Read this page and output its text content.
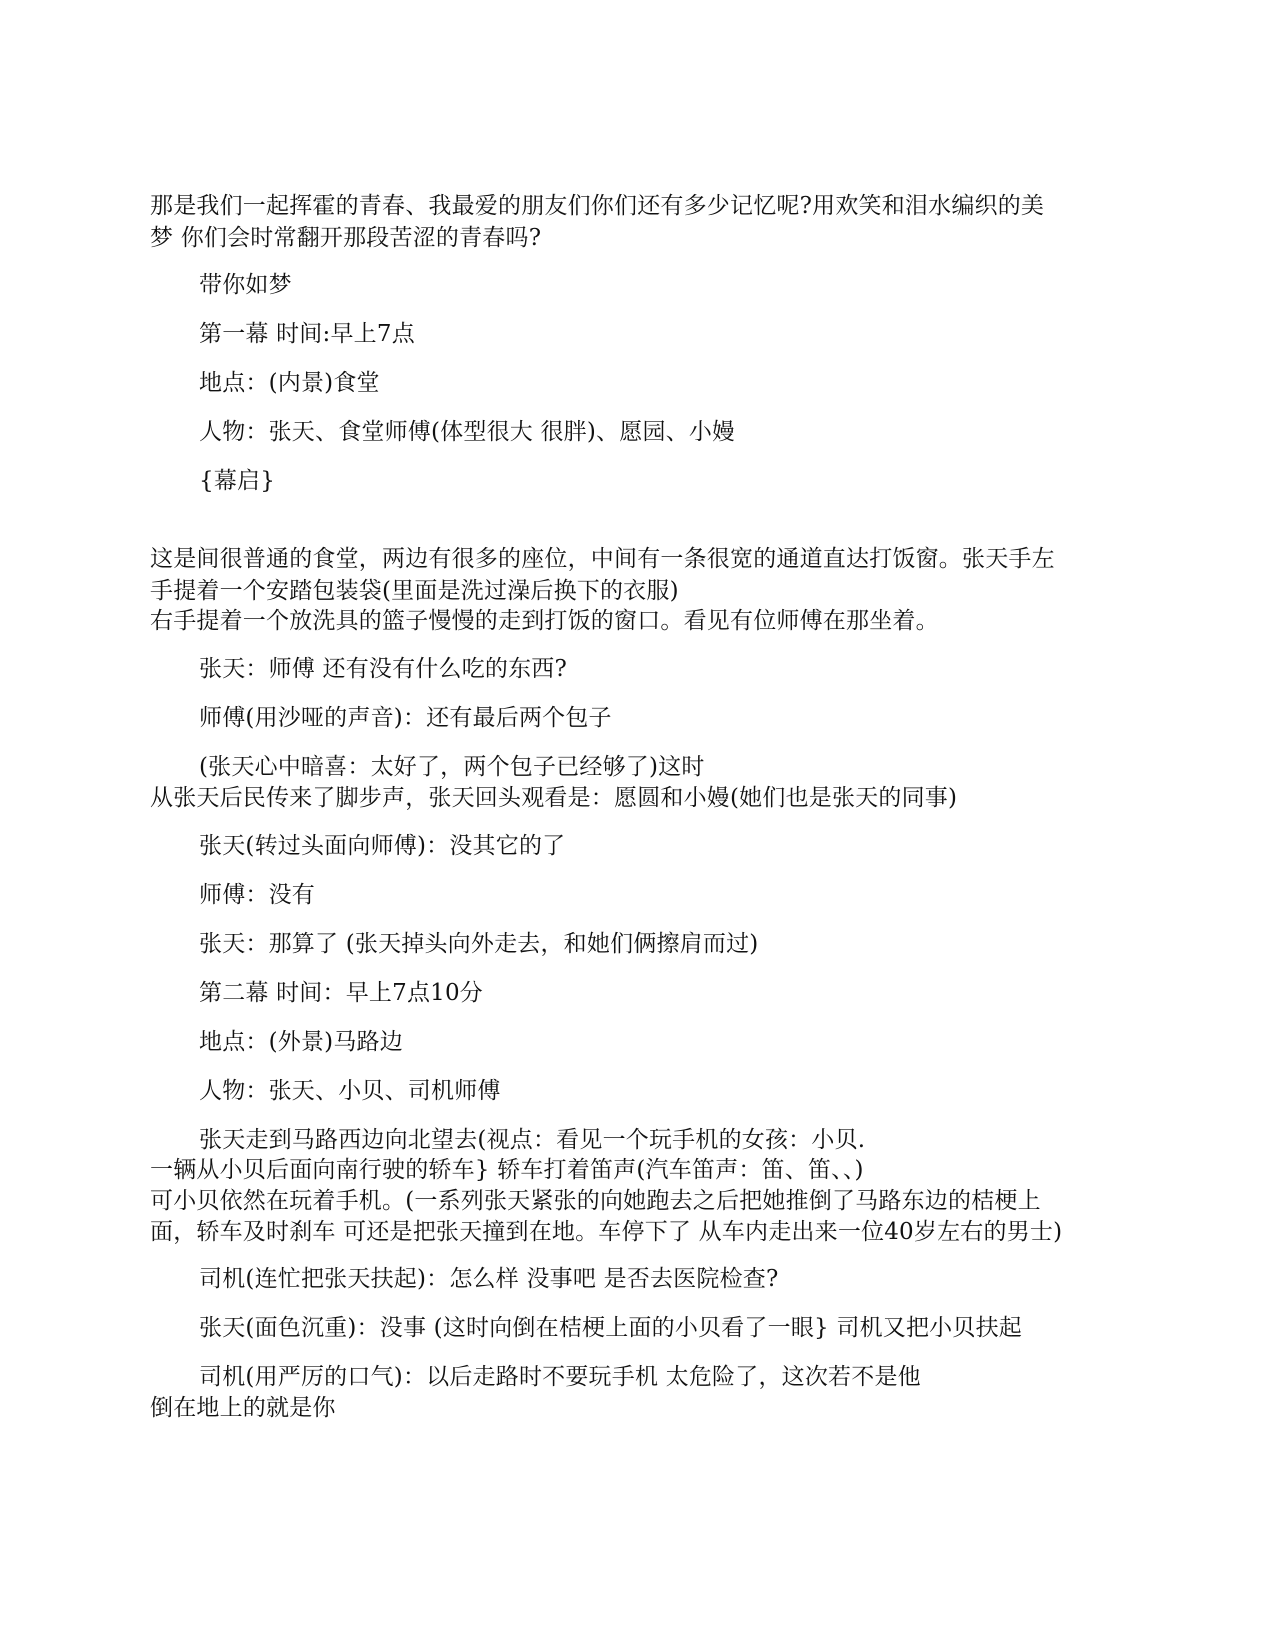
那是我们一起挥霍的青春、我最爱的朋友们你们还有多少记忆呢?用欢笑和泪水编织的美
梦 你们会时常翻开那段苦涩的青春吗?
带你如梦
第一幕 时间:早上7点
地点：(内景)食堂
人物：张天、食堂师傅(体型很大 很胖)、愿园、小嫚
{幕启}
这是间很普通的食堂，两边有很多的座位，中间有一条很宽的通道直达打饭窗。张天手左
手提着一个安踏包装袋(里面是洗过澡后换下的衣服)
右手提着一个放洗具的篮子慢慢的走到打饭的窗口。看见有位师傅在那坐着。
张天：师傅 还有没有什么吃的东西?
师傅(用沙哑的声音)：还有最后两个包子
(张天心中暗喜：太好了，两个包子已经够了)这时
从张天后民传来了脚步声，张天回头观看是：愿圆和小嫚(她们也是张天的同事)
张天(转过头面向师傅)：没其它的了
师傅：没有
张天：那算了 (张天掉头向外走去，和她们俩擦肩而过)
第二幕 时间：早上7点10分
地点：(外景)马路边
人物：张天、小贝、司机师傅
张天走到马路西边向北望去(视点：看见一个玩手机的女孩：小贝.
一辆从小贝后面向南行驶的轿车} 轿车打着笛声(汽车笛声：笛、笛、、)
可小贝依然在玩着手机。(一系列张天紧张的向她跑去之后把她推倒了马路东边的桔梗上
面，轿车及时刹车 可还是把张天撞到在地。车停下了 从车内走出来一位40岁左右的男士)
司机(连忙把张天扶起)：怎么样 没事吧 是否去医院检查?
张天(面色沉重)：没事 (这时向倒在桔梗上面的小贝看了一眼} 司机又把小贝扶起
司机(用严厉的口气)：以后走路时不要玩手机 太危险了，这次若不是他
倒在地上的就是你
